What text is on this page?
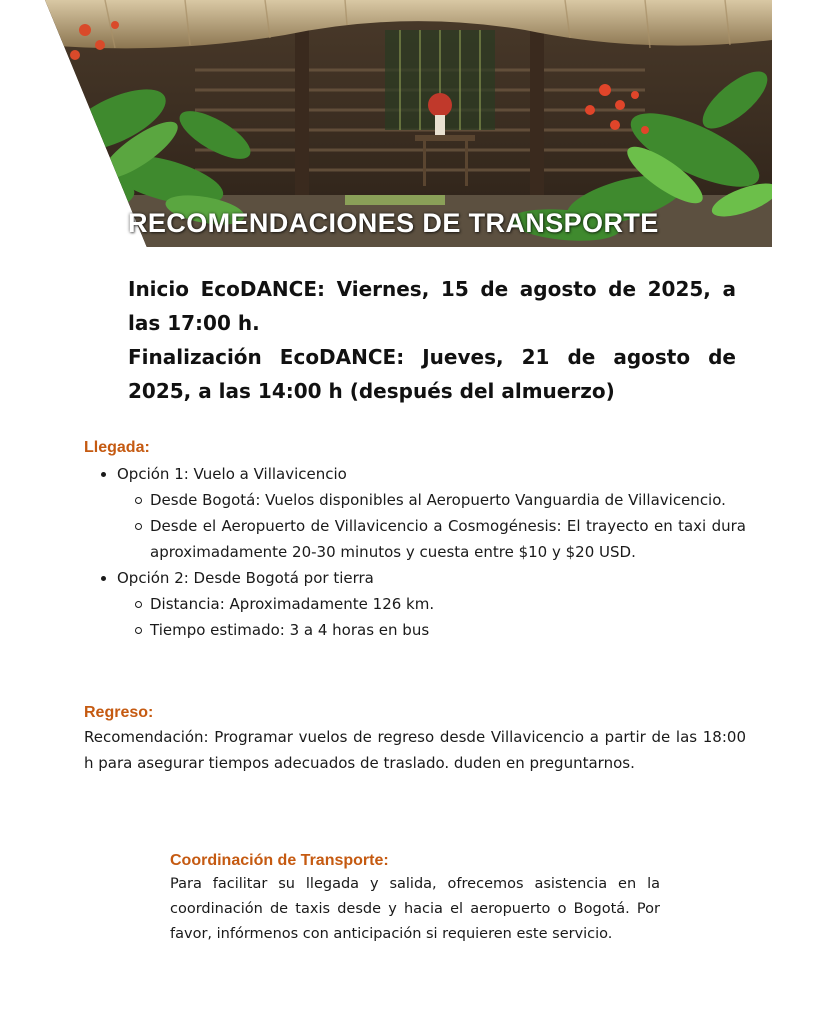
RECOMENDACIONES DE TRANSPORTE

Inicio EcoDANCE: Viernes, 15 de agosto de 2025, a las 17:00 h.

Finalización EcoDANCE: Jueves, 21 de agosto de 2025, a las 14:00 h (después del almuerzo)

Llegada:

Opción 1: Vuelo a Villavicencio
Desde Bogotá: Vuelos disponibles al Aeropuerto Vanguardia de Villavicencio.
Desde el Aeropuerto de Villavicencio a Cosmogénesis: El trayecto en taxi dura aproximadamente 20-30 minutos y cuesta entre $10 y $20 USD.
Opción 2: Desde Bogotá por tierra
Distancia: Aproximadamente 126 km.
Tiempo estimado: 3 a 4 horas en bus

Regreso:

Recomendación: Programar vuelos de regreso desde Villavicencio a partir de las 18:00 h para asegurar tiempos adecuados de traslado. duden en preguntarnos.

Coordinación de Transporte:

Para facilitar su llegada y salida, ofrecemos asistencia en la coordinación de taxis desde y hacia el aeropuerto o Bogotá. Por favor, infórmenos con anticipación si requieren este servicio.
